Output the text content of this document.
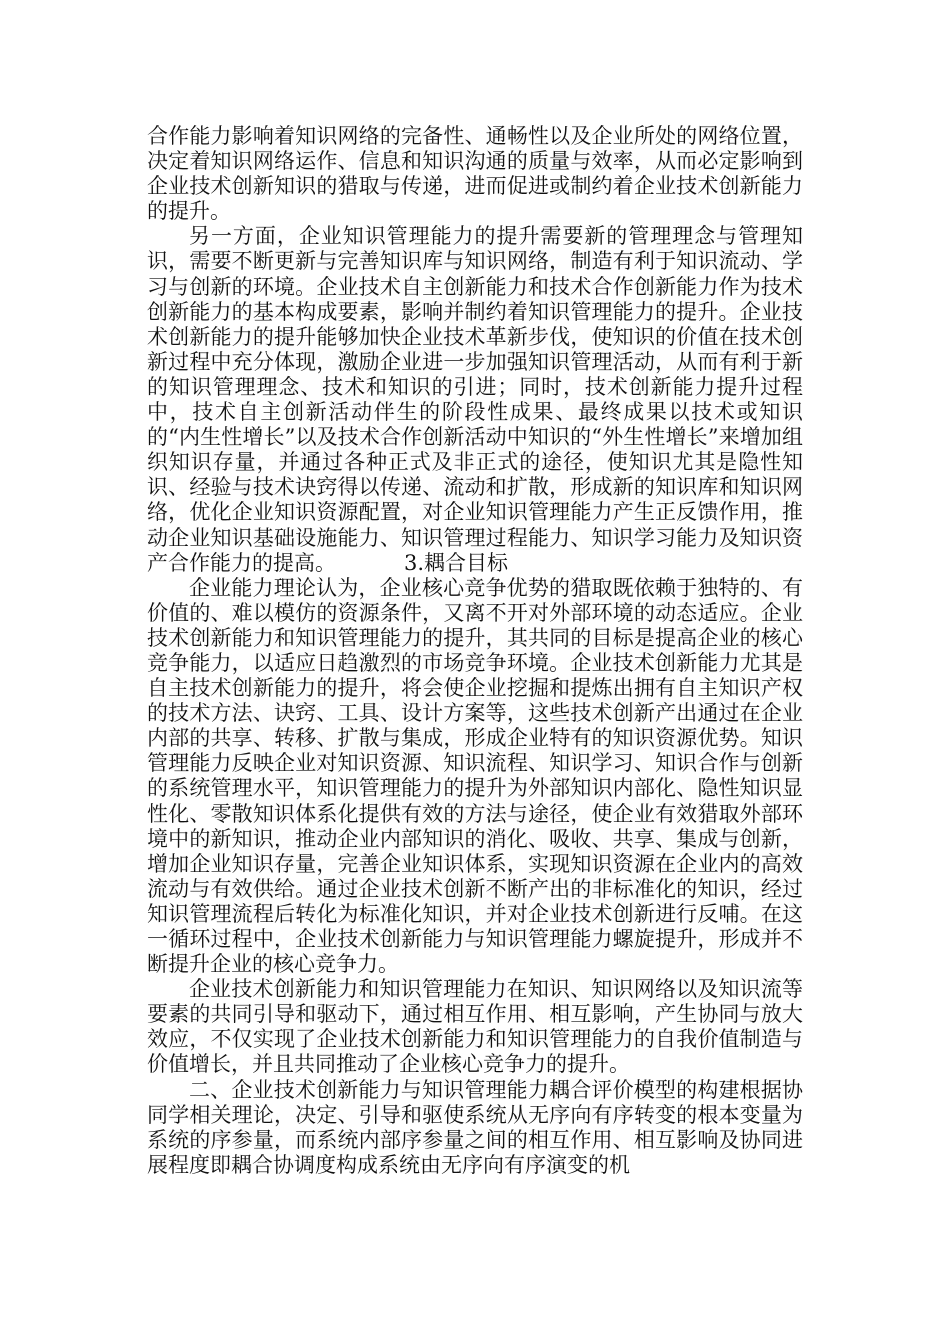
合作能力影响着知识网络的完备性、通畅性以及企业所处的网络位置，决定着知识网络运作、信息和知识沟通的质量与效率，从而必定影响到企业技术创新知识的猎取与传递，进而促进或制约着企业技术创新能力的提升。

另一方面，企业知识管理能力的提升需要新的管理理念与管理知识，需要不断更新与完善知识库与知识网络，制造有利于知识流动、学习与创新的环境。企业技术自主创新能力和技术合作创新能力作为技术创新能力的基本构成要素，影响并制约着知识管理能力的提升。企业技术创新能力的提升能够加快企业技术革新步伐，使知识的价值在技术创新过程中充分体现，激励企业进一步加强知识管理活动，从而有利于新的知识管理理念、技术和知识的引进；同时，技术创新能力提升过程中，技术自主创新活动伴生的阶段性成果、最终成果以技术或知识的“内生性增长”以及技术合作创新活动中知识的“外生性增长”来增加组织知识存量，并通过各种正式及非正式的途径，使知识尤其是隐性知识、经验与技术诀窍得以传递、流动和扩散，形成新的知识库和知识网络，优化企业知识资源配置，对企业知识管理能力产生正反馈作用，推动企业知识基础设施能力、知识管理过程能力、知识学习能力及知识资产合作能力的提高。	3.耦合目标

企业能力理论认为，企业核心竞争优势的猎取既依赖于独特的、有价值的、难以模仿的资源条件，又离不开对外部环境的动态适应。企业技术创新能力和知识管理能力的提升，其共同的目标是提高企业的核心竞争能力，以适应日趋激烈的市场竞争环境。企业技术创新能力尤其是自主技术创新能力的提升，将会使企业挖掘和提炼出拥有自主知识产权的技术方法、诀窍、工具、设计方案等，这些技术创新产出通过在企业内部的共享、转移、扩散与集成，形成企业特有的知识资源优势。知识管理能力反映企业对知识资源、知识流程、知识学习、知识合作与创新的系统管理水平，知识管理能力的提升为外部知识内部化、隐性知识显性化、零散知识体系化提供有效的方法与途径，使企业有效猎取外部环境中的新知识，推动企业内部知识的消化、吸收、共享、集成与创新，增加企业知识存量，完善企业知识体系，实现知识资源在企业内的高效流动与有效供给。通过企业技术创新不断产出的非标准化的知识，经过知识管理流程后转化为标准化知识，并对企业技术创新进行反哺。在这一循环过程中，企业技术创新能力与知识管理能力螺旋提升，形成并不断提升企业的核心竞争力。

企业技术创新能力和知识管理能力在知识、知识网络以及知识流等要素的共同引导和驱动下，通过相互作用、相互影响，产生协同与放大效应，不仅实现了企业技术创新能力和知识管理能力的自我价值制造与价值增长，并且共同推动了企业核心竞争力的提升。

二、企业技术创新能力与知识管理能力耦合评价模型的构建根据协同学相关理论，决定、引导和驱使系统从无序向有序转变的根本变量为系统的序参量，而系统内部序参量之间的相互作用、相互影响及协同进展程度即耦合协调度构成系统由无序向有序演变的机
